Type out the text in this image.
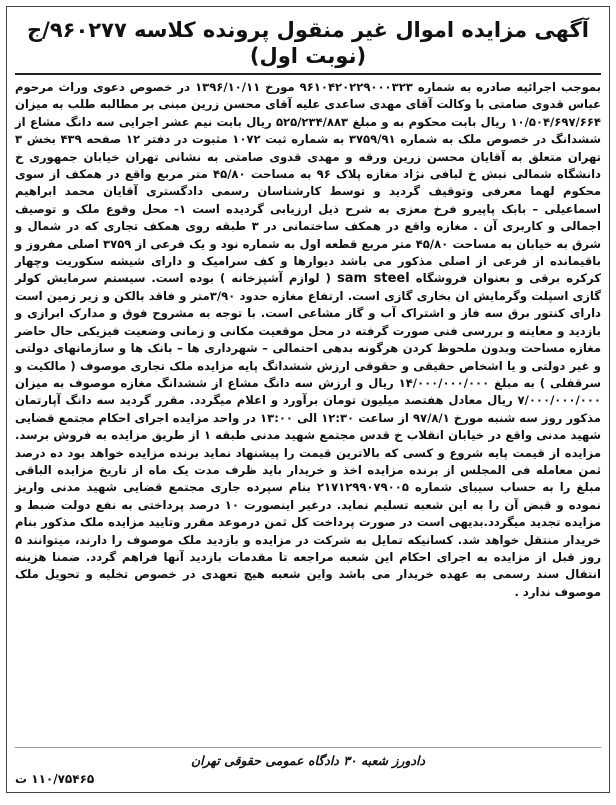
آگهی مزایده اموال غیر منقول پرونده کلاسه ۹۶۰۲۷۷/ج (نوبت اول)
بموجب اجرائیه صادره به شماره ۹۶۱۰۴۲۰۲۲۹۰۰۰۳۲۳ مورخ ۱۳۹۶/۱۰/۱۱ در خصوص دعوی وراث مرحوم عباس قدوی صامتی با وکالت آقای مهدی ساعدی علیه آقای محسن زرین مبنی بر مطالبه طلب به میزان ۱۰/۵۰۴/۶۹۷/۶۶۴ ریال بابت محکوم به و مبلغ ۵۲۵/۲۳۴/۸۸۳ ریال بابت نیم عشر اجرایی سه دانگ مشاع از ششدانگ در خصوص ملک به شماره ۳۷۵۹/۹۱ به شماره ثبت ۱۰۷۲ مثبوت در دفتر ۱۲ صفحه ۴۳۹ بخش ۳ تهران متعلق به آقایان محسن زرین ورقه و مهدی قدوی صامتی به نشانی تهران خیابان جمهوری خ دانشگاه شمالی نبش خ لبافی نژاد مغازه پلاک ۹۶ به مساحت ۴۵/۸۰ متر مربع واقع در همکف از سوی محکوم لهما معرفی وتوقیف گردید و توسط کارشناسان رسمی دادگستری آقایان محمد ابراهیم اسماعیلی – بابک پاپیرو فرخ معزی به شرح ذیل ارزیابی گردیده است ۱- محل وقوع ملک و توصیف اجمالی و کاربری آن . مغازه واقع در همکف ساختمانی در ۳ طبقه روی همکف تجاری که در شمال و شرق به خیابان به مساحت ۴۵/۸۰ متر مربع قطعه اول به شماره نود و یک فرعی از ۳۷۵۹ اصلی مفروز و باقیمانده از فرعی از اصلی مذکور می باشد دیوارها و کف سرامیک و دارای شیشه سکوریت وچهار کرکره برقی و بعنوان فروشگاه sam steel ( لوازم آشپزخانه ) بوده است. سیستم سرمایش کولر گازی اسپلت وگرمایش ان بخاری گازی است. ارتفاع مغازه حدود ۳/۹۰متر و فاقد بالکن و زیر زمین است دارای کنتور برق سه فاز و اشتراک آب و گاز مشاعی است. با توجه به مشروح فوق و مدارک ابرازی و بازدید و معاینه و بررسی فنی صورت گرفته در محل موقعیت مکانی و زمانی وضعیت فیزیکی حال حاضر مغازه مساحت وبدون ملحوظ کردن هرگونه بدهی احتمالی – شهرداری ها – بانک ها و سازمانهای دولتی و غیر دولتی و یا اشخاص حقیقی و حقوقی ارزش ششدانگ پایه مزایده ملک تجاری موصوف ( مالکیت و سرقفلی ) به مبلغ ۱۴/۰۰۰/۰۰۰/۰۰۰ ریال و ارزش سه دانگ مشاع از ششدانگ مغازه موصوف به میزان ۷/۰۰۰/۰۰۰/۰۰۰ ریال معادل هفتصد میلیون تومان برآورد و اعلام میگردد. مقرر گردید سه دانگ آپارتمان مذکور روز سه شنبه مورخ ۹۷/۸/۱ از ساعت ۱۲:۳۰ الی ۱۳:۰۰ در واحد مزایده اجرای احکام مجتمع قضایی شهید مدنی واقع در خیابان انقلاب خ قدس مجتمع شهید مدنی طبقه ۱ از طریق مزایده به فروش برسد. مزایده از قیمت پایه شروع و کسی که بالاترین قیمت را پیشنهاد نماید برنده مزایده خواهد بود ده درصد ثمن معامله فی المجلس از برنده مزایده اخذ و خریدار باید ظرف مدت یک ماه از تاریخ مزایده الباقی مبلغ را به حساب سیبای شماره ۲۱۷۱۲۹۹۰۷۹۰۰۵ بنام سپرده جاری مجتمع قضایی شهید مدنی واریز نموده و قبض آن را به این شعبه تسلیم نماید. درغیر اینصورت ۱۰ درصد پرداختی به نفع دولت ضبط و مزایده تجدید میگردد.بدیهی است در صورت پرداخت کل ثمن درموعد مقرر وتایید مزایده ملک مذکور بنام خریدار منتقل خواهد شد. کسانیکه تمایل به شرکت در مزایده و بازدید ملک موصوف را دارند، میتوانند ۵ روز قبل از مزایده به اجرای احکام این شعبه مراجعه تا مقدمات بازدید آنها فراهم گردد. ضمنا هزینه انتقال سند رسمی به عهده خریدار می باشد واین شعبه هیچ تعهدی در خصوص تخلیه و تحویل ملک موصوف ندارد .
دادورز شعبه ۳۰ دادگاه عمومی حقوقی تهران
۱۱۰/۷۵۴۶۵ ت
